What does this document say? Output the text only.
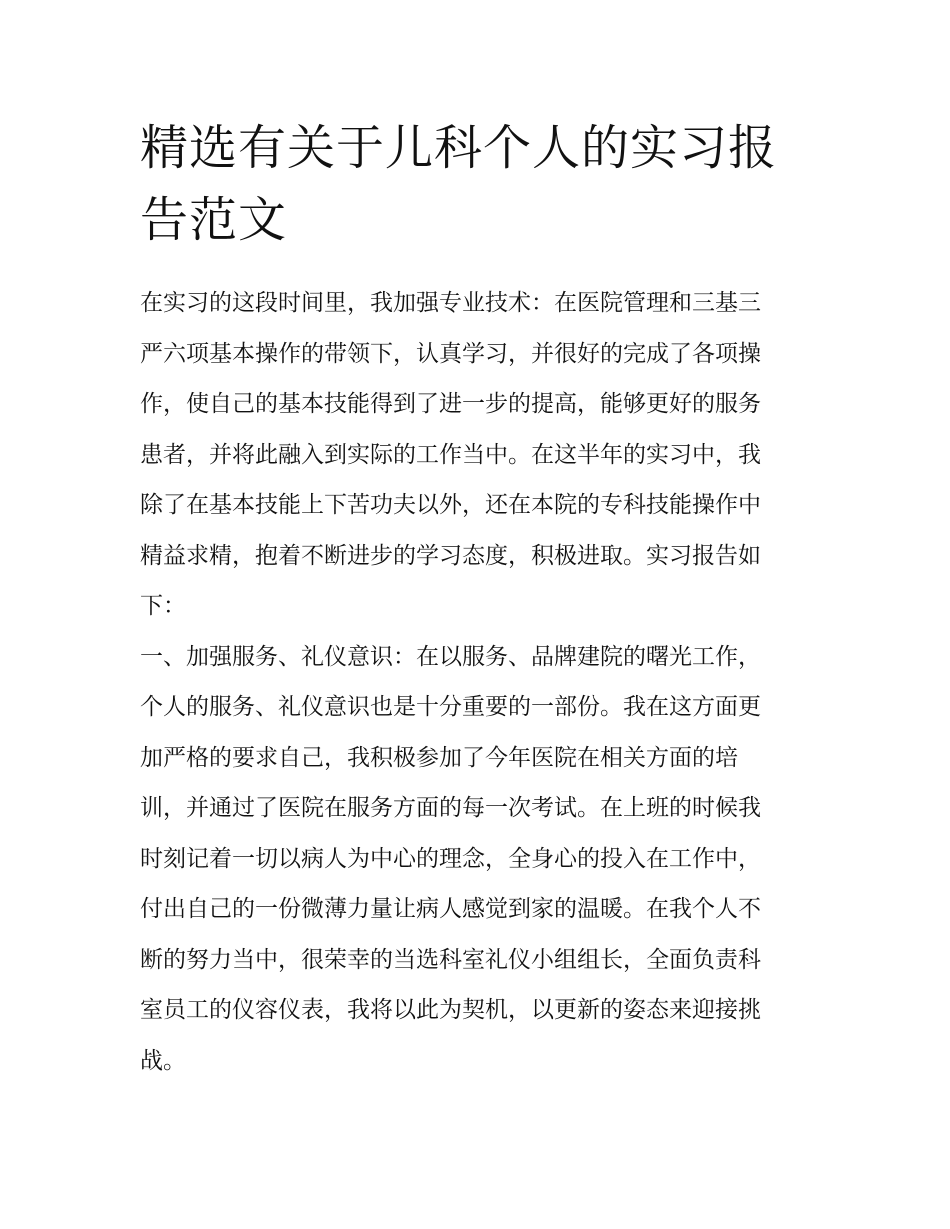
精选有关于儿科个人的实习报
告范文
在实习的这段时间里，我加强专业技术：在医院管理和三基三
严六项基本操作的带领下，认真学习，并很好的完成了各项操
作，使自己的基本技能得到了进一步的提高，能够更好的服务
患者，并将此融入到实际的工作当中。在这半年的实习中，我
除了在基本技能上下苦功夫以外，还在本院的专科技能操作中
精益求精，抱着不断进步的学习态度，积极进取。实习报告如
下：
一、加强服务、礼仪意识：在以服务、品牌建院的曙光工作，
个人的服务、礼仪意识也是十分重要的一部份。我在这方面更
加严格的要求自己，我积极参加了今年医院在相关方面的培
训，并通过了医院在服务方面的每一次考试。在上班的时候我
时刻记着一切以病人为中心的理念，全身心的投入在工作中，
付出自己的一份微薄力量让病人感觉到家的温暖。在我个人不
断的努力当中，很荣幸的当选科室礼仪小组组长，全面负责科
室员工的仪容仪表，我将以此为契机，以更新的姿态来迎接挑
战。
